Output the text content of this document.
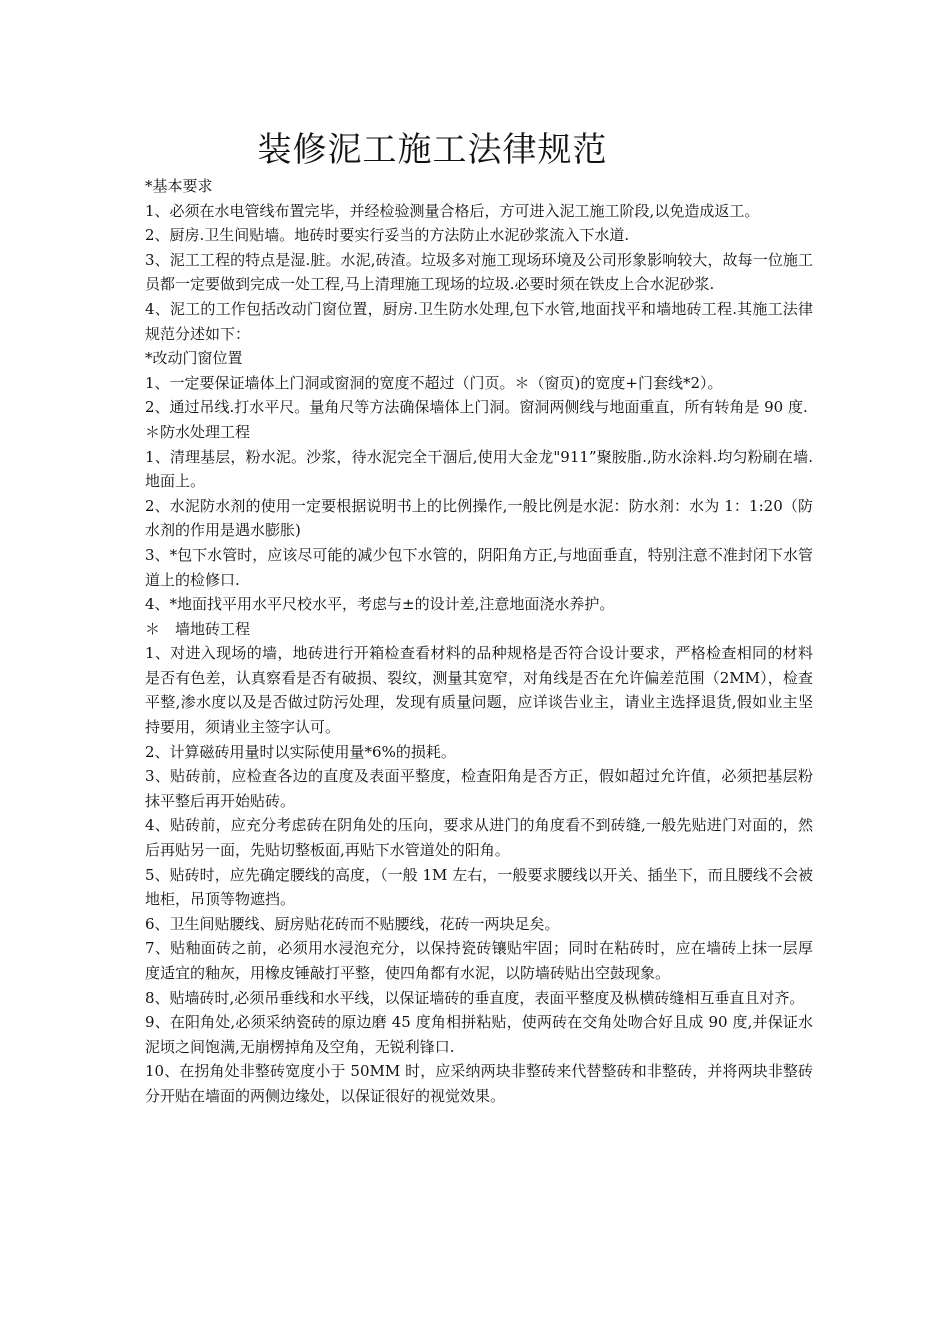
装修泥工施工法律规范

*基本要求

1、必须在水电管线布置完毕，并经检验测量合格后，方可进入泥工施工阶段,以免造成返工。

2、厨房.卫生间贴墙。地砖时要实行妥当的方法防止水泥砂浆流入下水道.

3、泥工工程的特点是湿.脏。水泥,砖渣。垃圾多对施工现场环境及公司形象影响较大，故每一位施工员都一定要做到完成一处工程,马上清理施工现场的垃圾.必要时须在铁皮上合水泥砂浆.

4、泥工的工作包括改动门窗位置，厨房.卫生防水处理,包下水管,地面找平和墙地砖工程.其施工法律规范分述如下：

*改动门窗位置

1、一定要保证墙体上门洞或窗洞的宽度不超过（门页。＊（窗页)的宽度+门套线*2）。

2、通过吊线.打水平尺。量角尺等方法确保墙体上门洞。窗洞两侧线与地面重直，所有转角是 90 度.

＊防水处理工程

1、清理基层，粉水泥。沙浆，待水泥完全干涸后,使用大金龙"911”聚胺脂.,防水涂料.均匀粉刷在墙.地面上。

2、水泥防水剂的使用一定要根据说明书上的比例操作,一般比例是水泥：防水剂：水为 1：1:20（防水剂的作用是遇水膨胀)

3、*包下水管时，应该尽可能的减少包下水管的，阴阳角方正,与地面垂直，特别注意不准封闭下水管道上的检修口.

4、*地面找平用水平尺校水平，考虑与±的设计差,注意地面浇水养护。

＊　墙地砖工程

1、对进入现场的墙，地砖进行开箱检查看材料的品种规格是否符合设计要求，严格检查相同的材料是否有色差，认真察看是否有破损、裂纹，测量其宽窄，对角线是否在允许偏差范围（2MM），检查平整,渗水度以及是否做过防污处理，发现有质量问题，应详谈告业主，请业主选择退货,假如业主坚持要用，须请业主签字认可。

2、计算磁砖用量时以实际使用量*6%的损耗。

3、贴砖前，应检查各边的直度及表面平整度，检查阳角是否方正，假如超过允许值，必须把基层粉抹平整后再开始贴砖。

4、贴砖前，应充分考虑砖在阴角处的压向，要求从进门的角度看不到砖缝,一般先贴进门对面的，然后再贴另一面，先贴切整板面,再贴下水管道处的阳角。

5、贴砖时，应先确定腰线的高度，（一般 1M 左右，一般要求腰线以开关、插坐下，而且腰线不会被地柜，吊顶等物遮挡。

6、卫生间贴腰线、厨房贴花砖而不贴腰线，花砖一两块足矣。

7、贴釉面砖之前，必须用水浸泡充分，以保持瓷砖镶贴牢固；同时在粘砖时，应在墙砖上抹一层厚度适宜的釉灰，用橡皮锤敲打平整，使四角都有水泥，以防墙砖贴出空鼓现象。

8、贴墙砖时,必须吊垂线和水平线，以保证墙砖的垂直度，表面平整度及枞横砖缝相互垂直且对齐。

9、在阳角处,必须采纳瓷砖的原边磨 45 度角相拼粘贴，使两砖在交角处吻合好且成 90 度,并保证水泥顷之间饱满,无崩楞掉角及空角，无锐利锋口.

10、在拐角处非整砖宽度小于 50MM 时，应采纳两块非整砖来代替整砖和非整砖，并将两块非整砖分开贴在墙面的两侧边缘处，以保证很好的视觉效果。
